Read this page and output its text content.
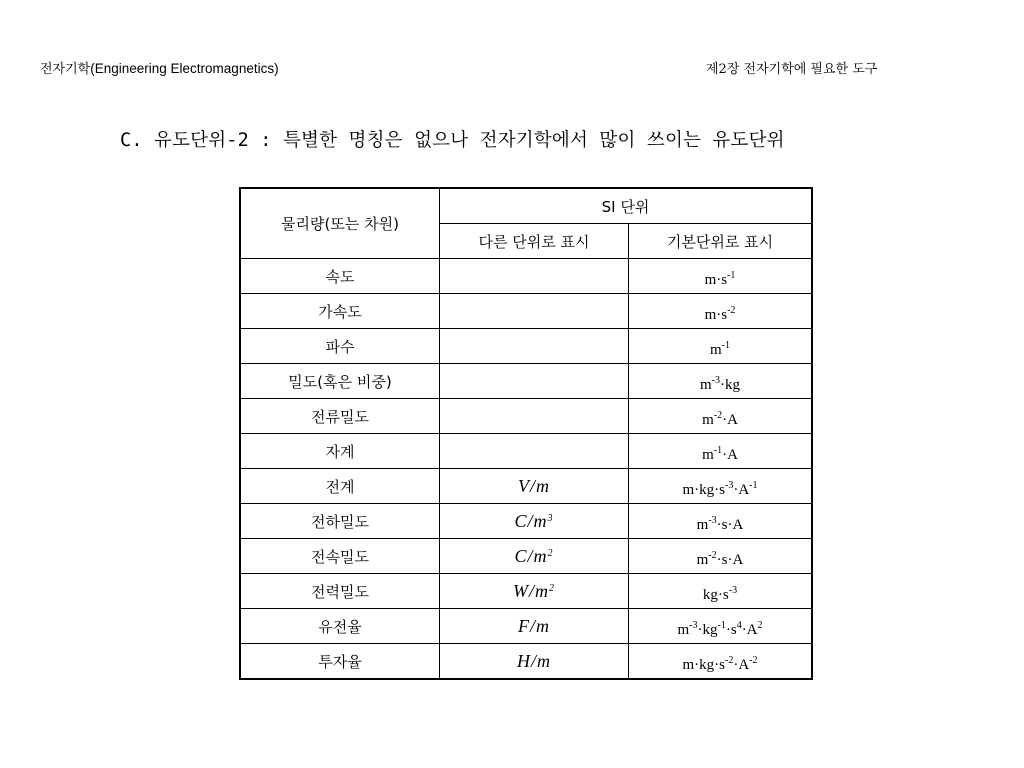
전자기학(Engineering Electromagnetics)	제2장 전자기학에 필요한 도구
C. 유도단위-2 : 특별한 명칭은 없으나 전자기학에서 많이 쓰이는 유도단위
물리량(또는 차원)	SI 단위	
	다른 단위로 표시	기본단위로 표시
속도		$m\cdot s^{-1}$
가속도		$m\cdot s^{-2}$
파수		$m^{-1}$
밀도(혹은 비중)		$m^{-3}\cdot kg$
전류밀도		$m^{-2}\cdot A$
자계		$m^{-1}\cdot A$
전계	V/m	$m\cdot kg\cdot s^{-3}\cdot A^{-1}$
전하밀도	$C/m^3$	$m^{-3}\cdot s\cdot A$
전속밀도	$C/m^2$	$m^{-2}\cdot s\cdot A$
전력밀도	$W/m^2$	$kg\cdot s^{-3}$
유전율	F/m	$m^{-3}\cdot kg^{-1}\cdot s^4\cdot A^2$
투자율	H/m	$m\cdot kg\cdot s^{-2}\cdot A^{-2}$
